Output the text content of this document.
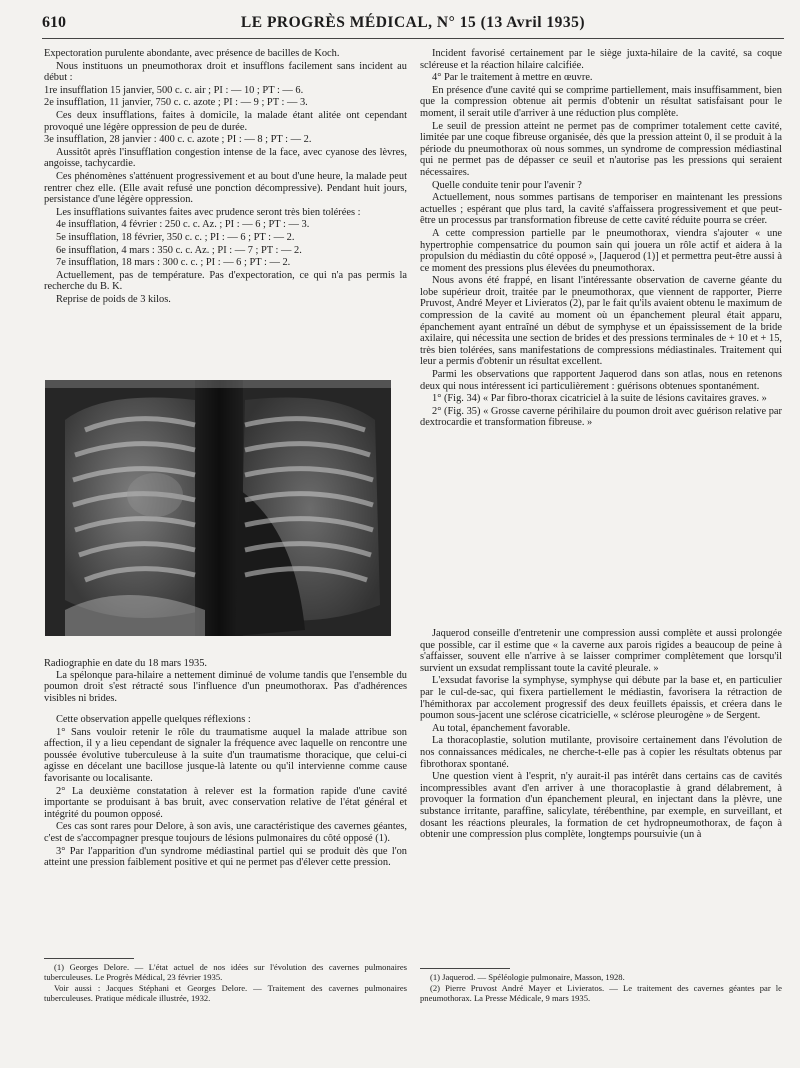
610	LE PROGRÈS MÉDICAL, N° 15 (13 Avril 1935)

Expectoration purulente abondante, avec présence de bacilles de Koch.

Nous instituons un pneumothorax droit et insufflons facilement sans incident au début :

1re insufflation 15 janvier, 500 c. c. air ; PI : — 10 ; PT : — 6.

2e insufflation, 11 janvier, 750 c. c. azote ; PI : — 9 ; PT : — 3.

Ces deux insufflations, faites à domicile, la malade étant alitée ont cependant provoqué une légère oppression de peu de durée.

3e insufflation, 28 janvier : 400 c. c. azote ; PI : — 8 ; PT : — 2.

Aussitôt après l'insufflation congestion intense de la face, avec cyanose des lèvres, angoisse, tachycardie.

Ces phénomènes s'atténuent progressivement et au bout d'une heure, la malade peut rentrer chez elle. (Elle avait refusé une ponction décompressive). Pendant huit jours, persistance d'une légère oppression.

Les insufflations suivantes faites avec prudence seront très bien tolérées :

4e insufflation, 4 février : 250 c. c. Az. ; PI : — 6 ; PT : — 3.

5e insufflation, 18 février, 350 c. c. ; PI : — 6 ; PT : — 2.

6e insufflation, 4 mars : 350 c. c. Az. ; PI : — 7 ; PT : — 2.

7e insufflation, 18 mars : 300 c. c. ; PI : — 6 ; PT : — 2.

Actuellement, pas de température. Pas d'expectoration, ce qui n'a pas permis la recherche du B. K.

Reprise de poids de 3 kilos.

Radiographie en date du 18 mars 1935.

La spélonque para-hilaire a nettement diminué de volume tandis que l'ensemble du poumon droit s'est rétracté sous l'influence d'un pneumothorax. Pas d'adhérences visibles ni brides.

Cette observation appelle quelques réflexions :

1° Sans vouloir retenir le rôle du traumatisme auquel la malade attribue son affection, il y a lieu cependant de signaler la fréquence avec laquelle on rencontre une poussée évolutive tuberculeuse à la suite d'un traumatisme thoracique, que celui-ci agisse en décelant une bacillose jusque-là latente ou qu'il intervienne comme cause favorisante ou localisante.

2° La deuxième constatation à relever est la formation rapide d'une cavité importante se produisant à bas bruit, avec conservation relative de l'état général et intégrité du poumon opposé.

Ces cas sont rares pour Delore, à son avis, une caractéristique des cavernes géantes, c'est de s'accompagner presque toujours de lésions pulmonaires du côté opposé (1).

3° Par l'apparition d'un syndrome médiastinal partiel qui se produit dès que l'on atteint une pression faiblement positive et qui ne permet pas d'élever cette pression.

(1) Georges Delore. — L'état actuel de nos idées sur l'évolution des cavernes pulmonaires tuberculeuses. Le Progrès Médical, 23 février 1935.

Voir aussi : Jacques Stéphani et Georges Delore. — Traitement des cavernes pulmonaires tuberculeuses. Pratique médicale illustrée, 1932.

Incident favorisé certainement par le siège juxta-hilaire de la cavité, sa coque scléreuse et la réaction hilaire calcifiée.

4° Par le traitement à mettre en œuvre.

En présence d'une cavité qui se comprime partiellement, mais insuffisamment, bien que la compression obtenue ait permis d'obtenir un résultat satisfaisant pour le moment, il serait utile d'arriver à une réduction plus complète.

Le seuil de pression atteint ne permet pas de comprimer totalement cette cavité, limitée par une coque fibreuse organisée, dès que la pression atteint 0, il se produit à la période du pneumothorax où nous sommes, un syndrome de compression médiastinal qui ne permet pas de dépasser ce seuil et n'autorise pas les pressions qui seraient nécessaires.

Quelle conduite tenir pour l'avenir ?

Actuellement, nous sommes partisans de temporiser en maintenant les pressions actuelles ; espérant que plus tard, la cavité s'affaissera progressivement et que peut-être un processus par transformation fibreuse de cette cavité réduite pourra se créer.

A cette compression partielle par le pneumothorax, viendra s'ajouter « une hypertrophie compensatrice du poumon sain qui jouera un rôle actif et aidera à la propulsion du médiastin du côté opposé », [Jaquerod (1)] et permettra peut-être aussi à ce moment des pressions plus élevées du pneumothorax.

Nous avons été frappé, en lisant l'intéressante observation de caverne géante du lobe supérieur droit, traitée par le pneumothorax, que viennent de rapporter, Pierre Pruvost, André Meyer et Livieratos (2), par le fait qu'ils avaient obtenu le maximum de compression de la cavité au moment où un épanchement pleural était apparu, épanchement ayant entraîné un début de symphyse et un épaississement de la bride axilaire, qui nécessita une section de brides et des pressions terminales de + 10 et + 15, très bien tolérées, sans manifestations de compressions médiastinales. Traitement qui leur a permis d'obtenir un résultat excellent.

Parmi les observations que rapportent Jaquerod dans son atlas, nous en retenons deux qui nous intéressent ici particulièrement : guérisons obtenues spontanément.

1° (Fig. 34) « Par fibro-thorax cicatriciel à la suite de lésions cavitaires graves. »

2° (Fig. 35) « Grosse caverne périhilaire du poumon droit avec guérison relative par dextrocardie et transformation fibreuse. »

Jaquerod conseille d'entretenir une compression aussi complète et aussi prolongée que possible, car il estime que « la caverne aux parois rigides a beaucoup de peine à s'affaisser, souvent elle n'arrive à se laisser comprimer complètement que lorsqu'il survient un exsudat remplissant toute la cavité pleurale. »

L'exsudat favorise la symphyse, symphyse qui débute par la base et, en particulier par le cul-de-sac, qui fixera partiellement le médiastin, favorisera la rétraction de l'hémithorax par accolement progressif des deux feuillets épaissis, et créera dans le poumon sous-jacent une sclérose cicatricielle, « sclérose pleurogène » de Sergent.

Au total, épanchement favorable.

La thoracoplastie, solution mutilante, provisoire certainement dans l'évolution de nos connaissances médicales, ne cherche-t-elle pas à copier les résultats obtenus par fibrothorax spontané.

Une question vient à l'esprit, n'y aurait-il pas intérêt dans certains cas de cavités incompressibles avant d'en arriver à une thoracoplastie à grand délabrement, à provoquer la formation d'un épanchement pleural, en injectant dans la plèvre, une substance irritante, paraffine, salicylate, térébenthine, par exemple, en surveillant, et dosant les réactions pleurales, la formation de cet hydropneumothorax, de façon à obtenir une compression plus complète, longtemps poursuivie (un à

(1) Jaquerod. — Spéléologie pulmonaire, Masson, 1928.

(2) Pierre Pruvost André Mayer et Livieratos. — Le traitement des cavernes géantes par le pneumothorax. La Presse Médicale, 9 mars 1935.
